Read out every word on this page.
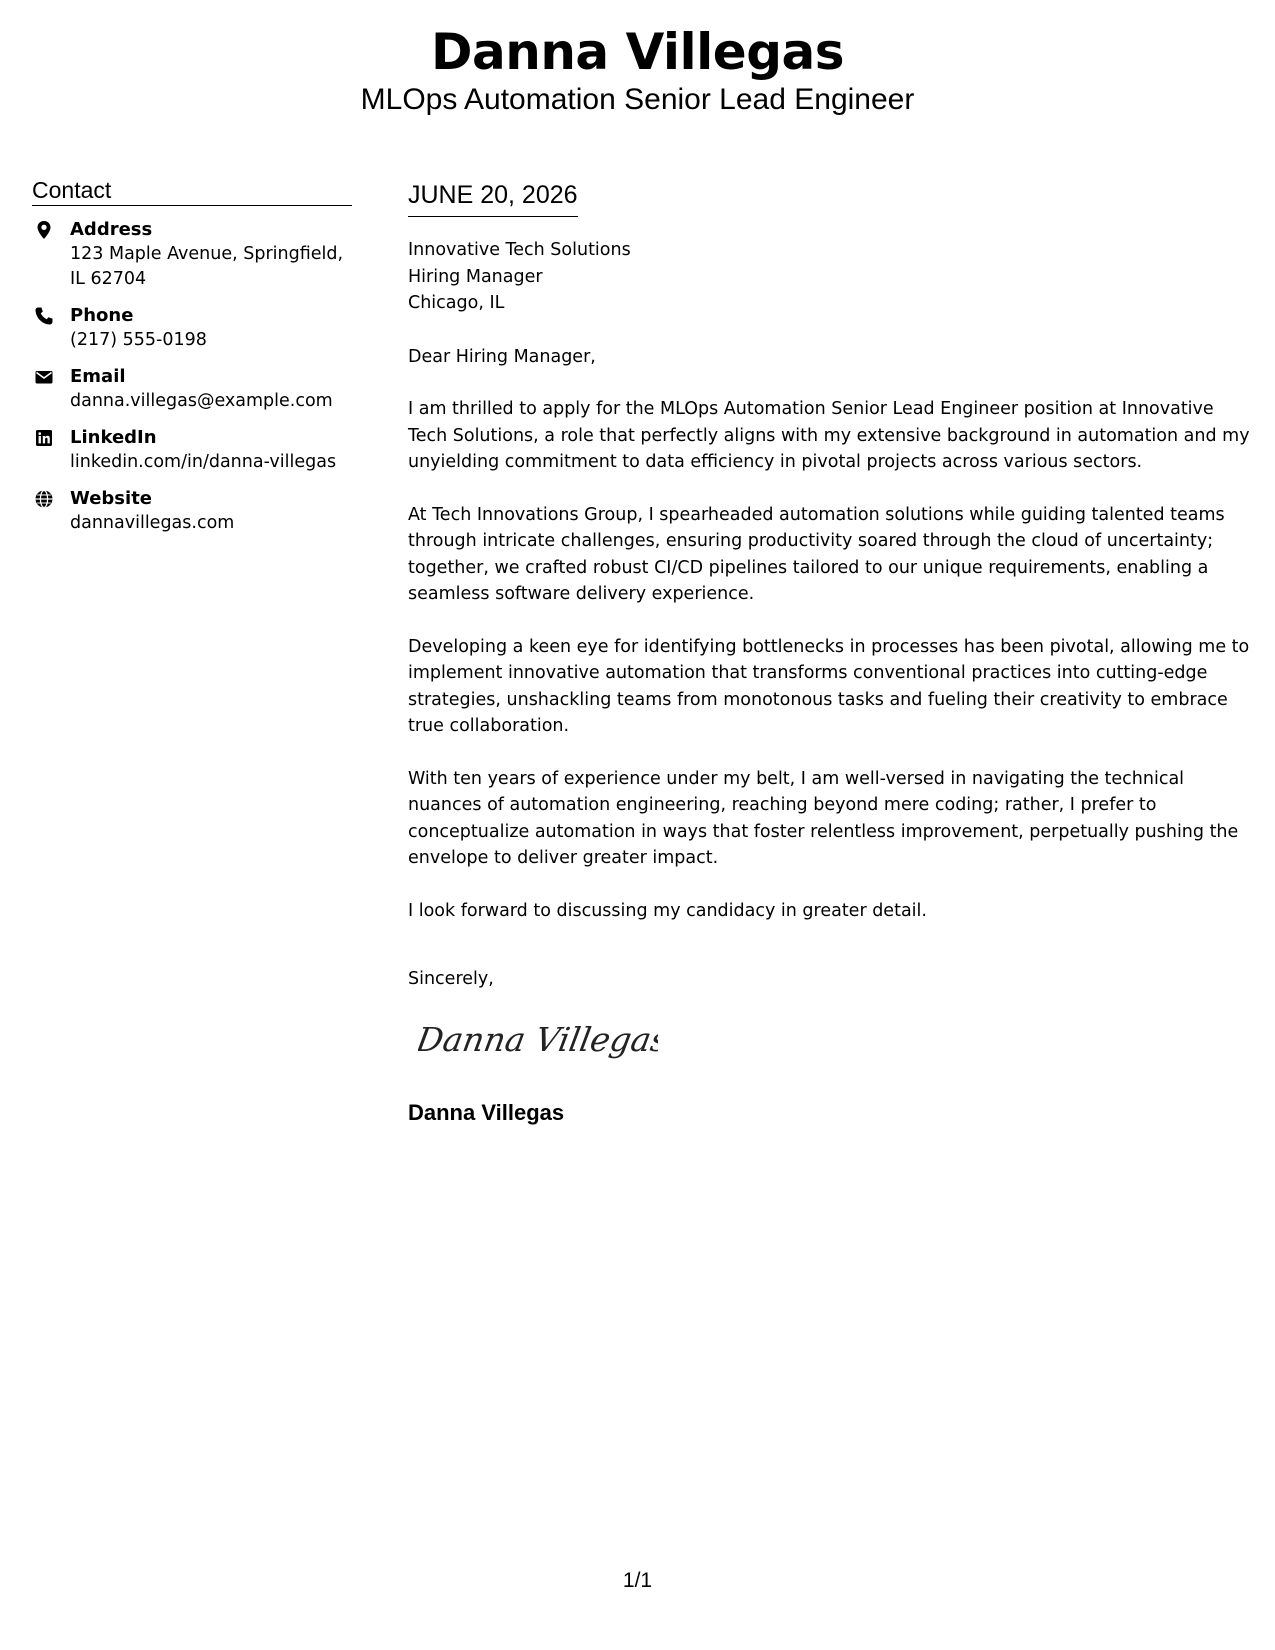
Danna Villegas
MLOps Automation Senior Lead Engineer
Contact
Address
123 Maple Avenue, Springfield, IL 62704
Phone
(217) 555-0198
Email
danna.villegas@example.com
LinkedIn
linkedin.com/in/danna-villegas
Website
dannavillegas.com
JUNE 20, 2026
Innovative Tech Solutions
Hiring Manager
Chicago, IL
Dear Hiring Manager,
I am thrilled to apply for the MLOps Automation Senior Lead Engineer position at Innovative Tech Solutions, a role that perfectly aligns with my extensive background in automation and my unyielding commitment to data efficiency in pivotal projects across various sectors.
At Tech Innovations Group, I spearheaded automation solutions while guiding talented teams through intricate challenges, ensuring productivity soared through the cloud of uncertainty; together, we crafted robust CI/CD pipelines tailored to our unique requirements, enabling a seamless software delivery experience.
Developing a keen eye for identifying bottlenecks in processes has been pivotal, allowing me to implement innovative automation that transforms conventional practices into cutting-edge strategies, unshackling teams from monotonous tasks and fueling their creativity to embrace true collaboration.
With ten years of experience under my belt, I am well-versed in navigating the technical nuances of automation engineering, reaching beyond mere coding; rather, I prefer to conceptualize automation in ways that foster relentless improvement, perpetually pushing the envelope to deliver greater impact.
I look forward to discussing my candidacy in greater detail.
Sincerely,
Danna Villegas
Danna Villegas
1/1
